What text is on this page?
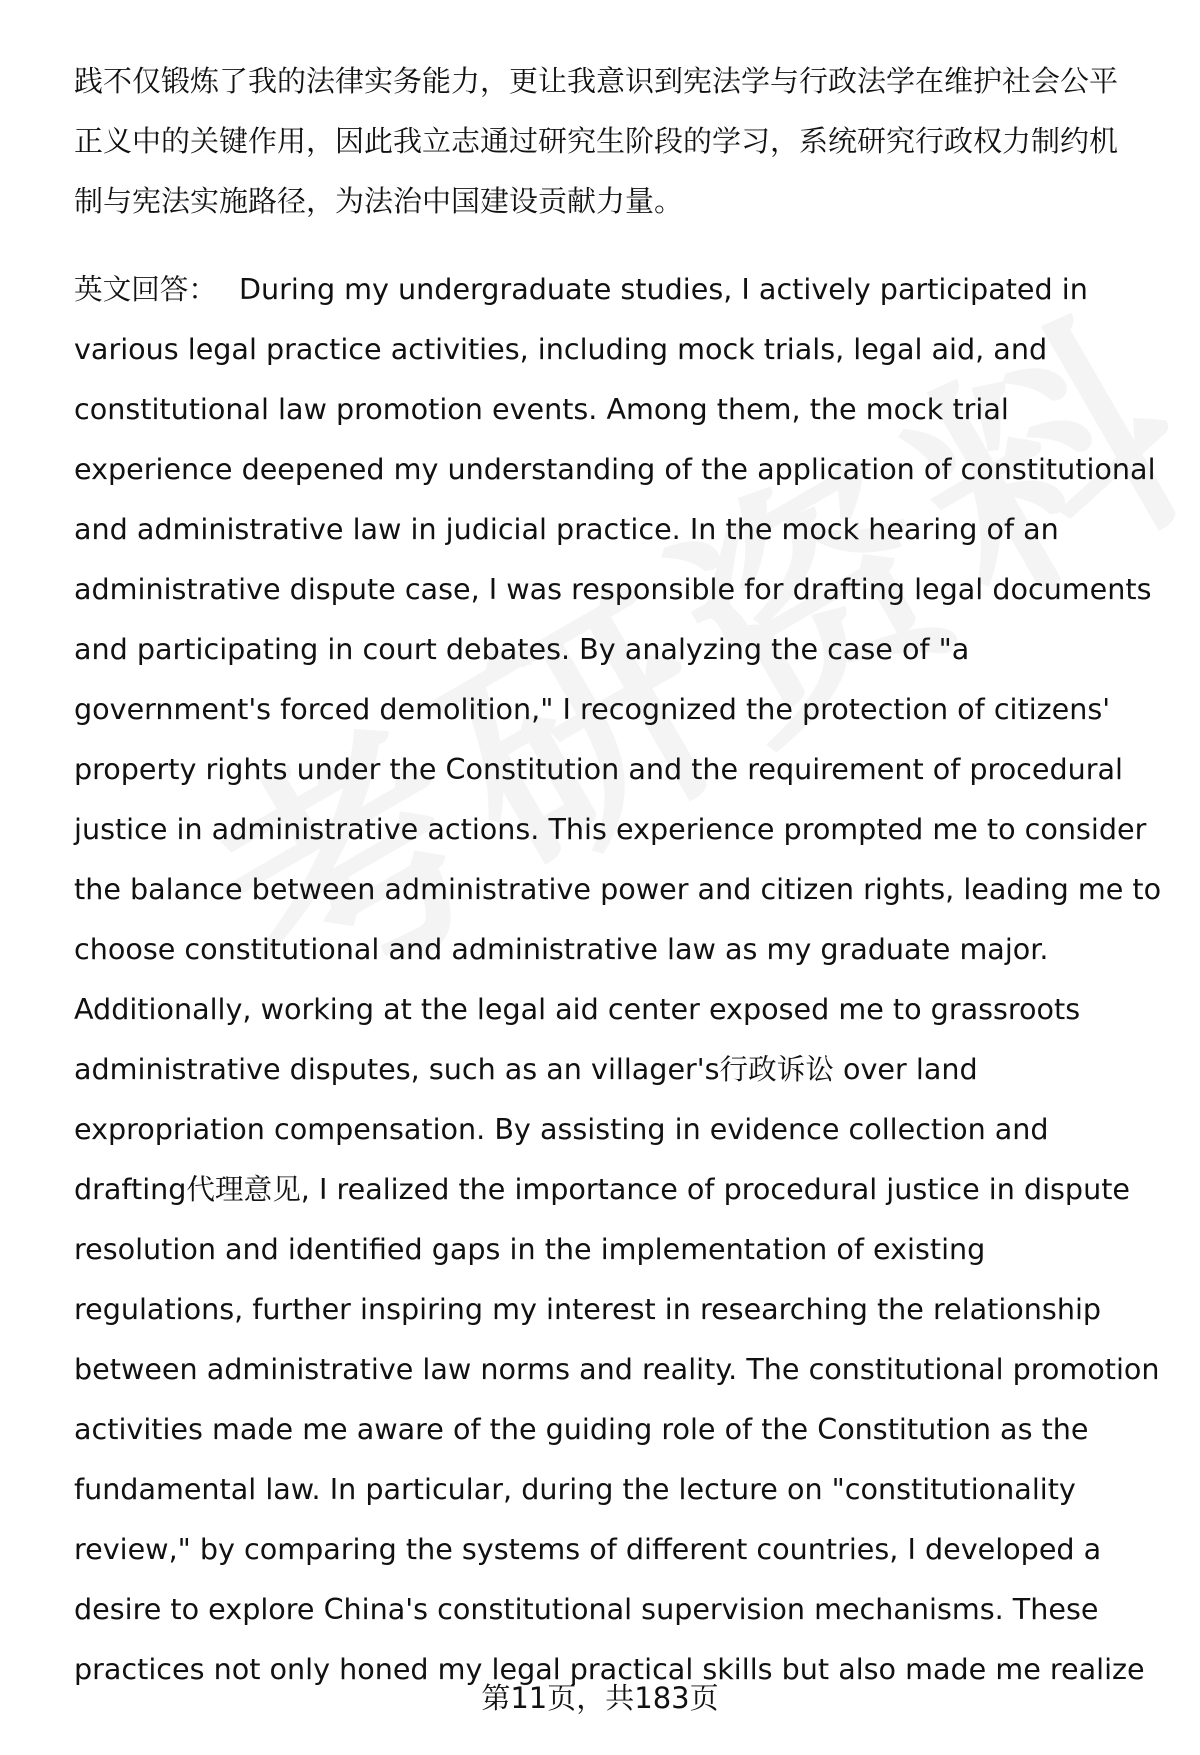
践不仅锻炼了我的法律实务能力，更让我意识到宪法学与行政法学在维护社会公平
正义中的关键作用，因此我立志通过研究生阶段的学习，系统研究行政权力制约机
制与宪法实施路径，为法治中国建设贡献力量。
英文回答： During my undergraduate studies, I actively participated in
various legal practice activities, including mock trials, legal aid, and
constitutional law promotion events. Among them, the mock trial
experience deepened my understanding of the application of constitutional
and administrative law in judicial practice. In the mock hearing of an
administrative dispute case, I was responsible for drafting legal documents
and participating in court debates. By analyzing the case of "a
government's forced demolition," I recognized the protection of citizens'
property rights under the Constitution and the requirement of procedural
justice in administrative actions. This experience prompted me to consider
the balance between administrative power and citizen rights, leading me to
choose constitutional and administrative law as my graduate major.
Additionally, working at the legal aid center exposed me to grassroots
administrative disputes, such as an villager's行政诉讼 over land
expropriation compensation. By assisting in evidence collection and
drafting代理意见, I realized the importance of procedural justice in dispute
resolution and identified gaps in the implementation of existing
regulations, further inspiring my interest in researching the relationship
between administrative law norms and reality. The constitutional promotion
activities made me aware of the guiding role of the Constitution as the
fundamental law. In particular, during the lecture on "constitutionality
review," by comparing the systems of different countries, I developed a
desire to explore China's constitutional supervision mechanisms. These
practices not only honed my legal practical skills but also made me realize
第11页，共183页
